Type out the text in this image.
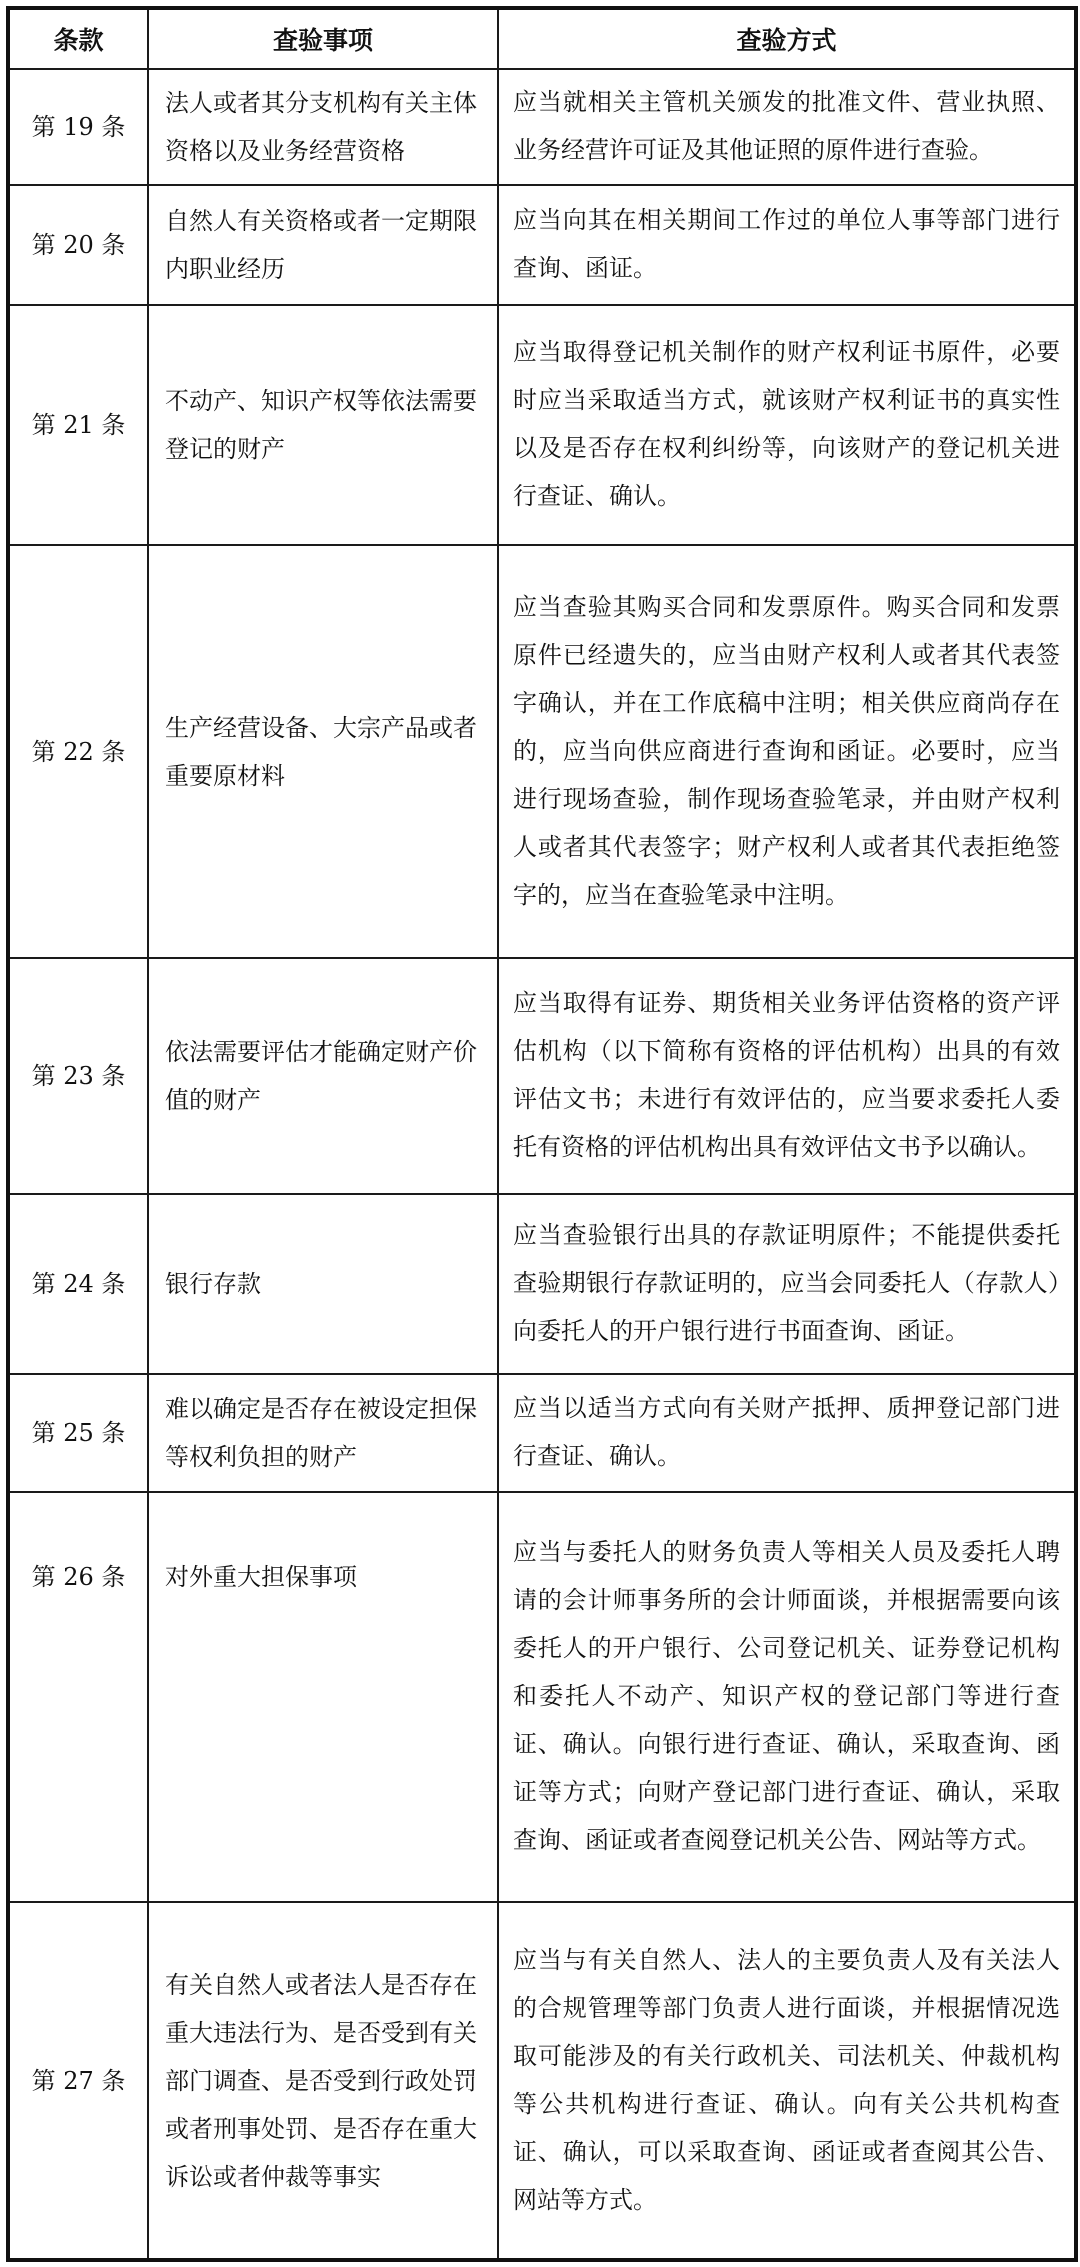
条款	查验事项	查验方式
第 19 条	法人或者其分支机构有关主体资格以及业务经营资格	应当就相关主管机关颁发的批准文件、营业执照、业务经营许可证及其他证照的原件进行查验。
第 20 条	自然人有关资格或者一定期限内职业经历	应当向其在相关期间工作过的单位人事等部门进行查询、函证。
第 21 条	不动产、知识产权等依法需要登记的财产	应当取得登记机关制作的财产权利证书原件，必要时应当采取适当方式，就该财产权利证书的真实性以及是否存在权利纠纷等，向该财产的登记机关进行查证、确认。
第 22 条	生产经营设备、大宗产品或者重要原材料	应当查验其购买合同和发票原件。购买合同和发票原件已经遗失的，应当由财产权利人或者其代表签字确认，并在工作底稿中注明；相关供应商尚存在的，应当向供应商进行查询和函证。必要时，应当进行现场查验，制作现场查验笔录，并由财产权利人或者其代表签字；财产权利人或者其代表拒绝签字的，应当在查验笔录中注明。
第 23 条	依法需要评估才能确定财产价值的财产	应当取得有证券、期货相关业务评估资格的资产评估机构（以下简称有资格的评估机构）出具的有效评估文书；未进行有效评估的，应当要求委托人委托有资格的评估机构出具有效评估文书予以确认。
第 24 条	银行存款	应当查验银行出具的存款证明原件；不能提供委托查验期银行存款证明的，应当会同委托人（存款人）向委托人的开户银行进行书面查询、函证。
第 25 条	难以确定是否存在被设定担保等权利负担的财产	应当以适当方式向有关财产抵押、质押登记部门进行查证、确认。
第 26 条	对外重大担保事项	应当与委托人的财务负责人等相关人员及委托人聘请的会计师事务所的会计师面谈，并根据需要向该委托人的开户银行、公司登记机关、证券登记机构和委托人不动产、知识产权的登记部门等进行查证、确认。向银行进行查证、确认，采取查询、函证等方式；向财产登记部门进行查证、确认，采取查询、函证或者查阅登记机关公告、网站等方式。
第 27 条	有关自然人或者法人是否存在重大违法行为、是否受到有关部门调查、是否受到行政处罚或者刑事处罚、是否存在重大诉讼或者仲裁等事实	应当与有关自然人、法人的主要负责人及有关法人的合规管理等部门负责人进行面谈，并根据情况选取可能涉及的有关行政机关、司法机关、仲裁机构等公共机构进行查证、确认。向有关公共机构查证、确认，可以采取查询、函证或者查阅其公告、网站等方式。
